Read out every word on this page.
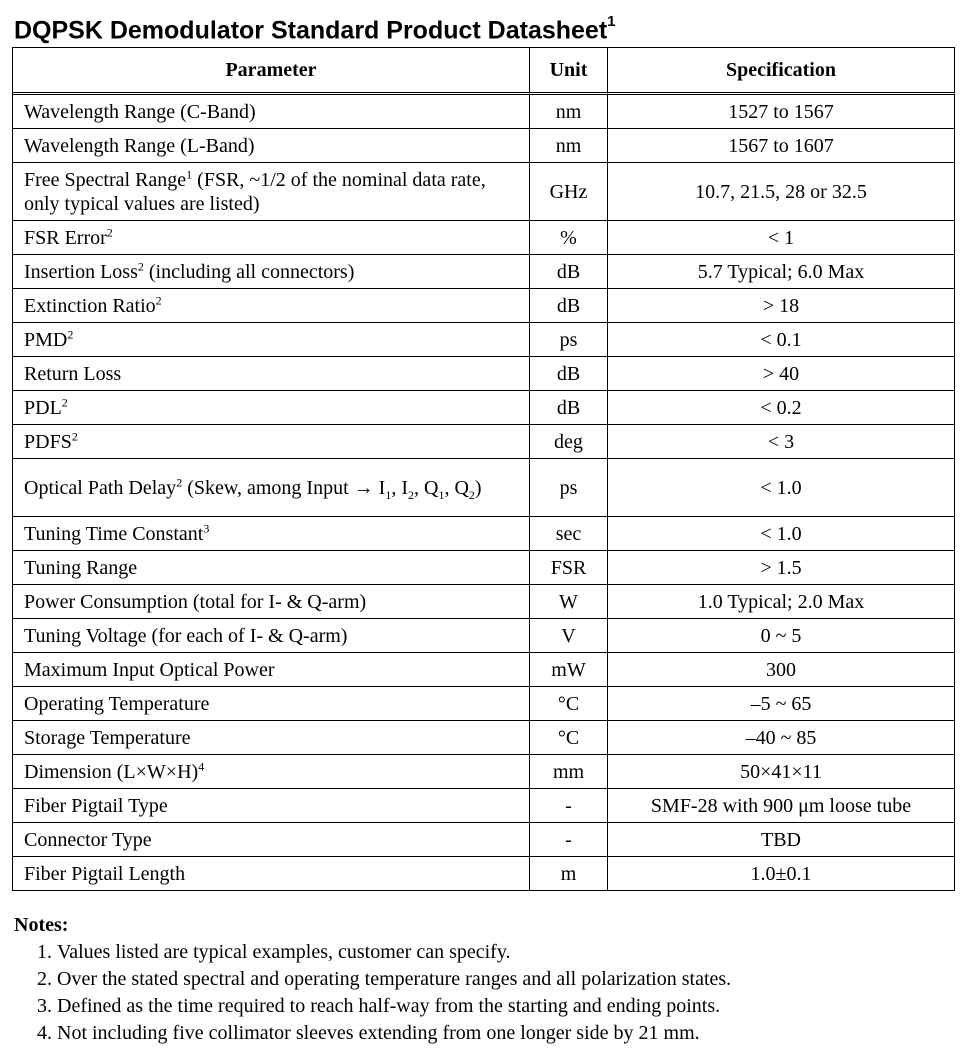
DQPSK Demodulator Standard Product Datasheet$^1$
Parameter	Unit	Specification
Wavelength Range (C-Band)	nm	1527 to 1567
Wavelength Range (L-Band)	nm	1567 to 1607
Free Spectral Range$^1$ (FSR, ~1/2 of the nominal data rate, only typical values are listed)	GHz	10.7, 21.5, 28 or 32.5
FSR Error$^2$	%	< 1
Insertion Loss$^2$ (including all connectors)	dB	5.7 Typical; 6.0 Max
Extinction Ratio$^2$	dB	> 18
PMD$^2$	ps	< 0.1
Return Loss	dB	> 40
PDL$^2$	dB	< 0.2
PDFS$^2$	deg	< 3
Optical Path Delay$^2$ (Skew, among Input → $I_1$, $I_2$, $Q_1$, $Q_2$)	ps	< 1.0
Tuning Time Constant$^3$	sec	< 1.0
Tuning Range	FSR	> 1.5
Power Consumption (total for I- & Q-arm)	W	1.0 Typical; 2.0 Max
Tuning Voltage (for each of I- & Q-arm)	V	0 ~ 5
Maximum Input Optical Power	mW	300
Operating Temperature	°C	–5 ~ 65
Storage Temperature	°C	–40 ~ 85
Dimension $(L\times W\times H)^4$	mm	50×41×11
Fiber Pigtail Type	-	SMF-28 with 900 μm loose tube
Connector Type	-	TBD
Fiber Pigtail Length	m	1.0±0.1
Notes:
1. Values listed are typical examples, customer can specify.
2. Over the stated spectral and operating temperature ranges and all polarization states.
3. Defined as the time required to reach half-way from the starting and ending points.
4. Not including five collimator sleeves extending from one longer side by 21 mm.
